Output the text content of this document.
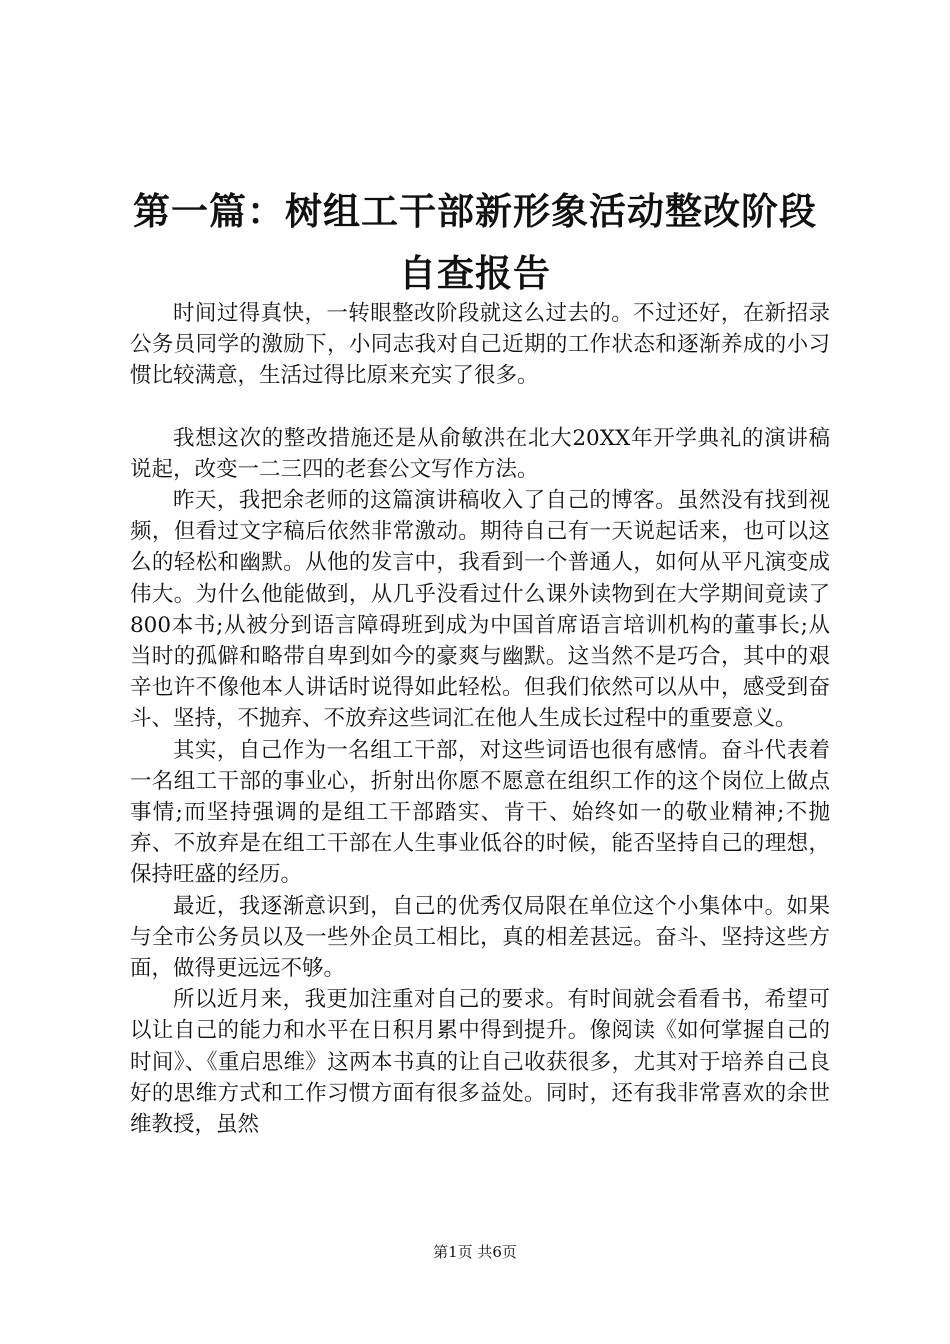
第一篇：树组工干部新形象活动整改阶段自查报告

时间过得真快，一转眼整改阶段就这么过去的。不过还好，在新招录公务员同学的激励下，小同志我对自己近期的工作状态和逐渐养成的小习惯比较满意，生活过得比原来充实了很多。

我想这次的整改措施还是从俞敏洪在北大20XX年开学典礼的演讲稿说起，改变一二三四的老套公文写作方法。

昨天，我把余老师的这篇演讲稿收入了自己的博客。虽然没有找到视频，但看过文字稿后依然非常激动。期待自己有一天说起话来，也可以这么的轻松和幽默。从他的发言中，我看到一个普通人，如何从平凡演变成伟大。为什么他能做到，从几乎没看过什么课外读物到在大学期间竟读了800本书;从被分到语言障碍班到成为中国首席语言培训机构的董事长;从当时的孤僻和略带自卑到如今的豪爽与幽默。这当然不是巧合，其中的艰辛也许不像他本人讲话时说得如此轻松。但我们依然可以从中，感受到奋斗、坚持，不抛弃、不放弃这些词汇在他人生成长过程中的重要意义。

其实，自己作为一名组工干部，对这些词语也很有感情。奋斗代表着一名组工干部的事业心，折射出你愿不愿意在组织工作的这个岗位上做点事情;而坚持强调的是组工干部踏实、肯干、始终如一的敬业精神;不抛弃、不放弃是在组工干部在人生事业低谷的时候，能否坚持自己的理想，保持旺盛的经历。

最近，我逐渐意识到，自己的优秀仅局限在单位这个小集体中。如果与全市公务员以及一些外企员工相比，真的相差甚远。奋斗、坚持这些方面，做得更远远不够。

所以近月来，我更加注重对自己的要求。有时间就会看看书，希望可以让自己的能力和水平在日积月累中得到提升。像阅读《如何掌握自己的时间》、《重启思维》这两本书真的让自己收获很多，尤其对于培养自己良好的思维方式和工作习惯方面有很多益处。同时，还有我非常喜欢的余世维教授，虽然

第1页 共6页
